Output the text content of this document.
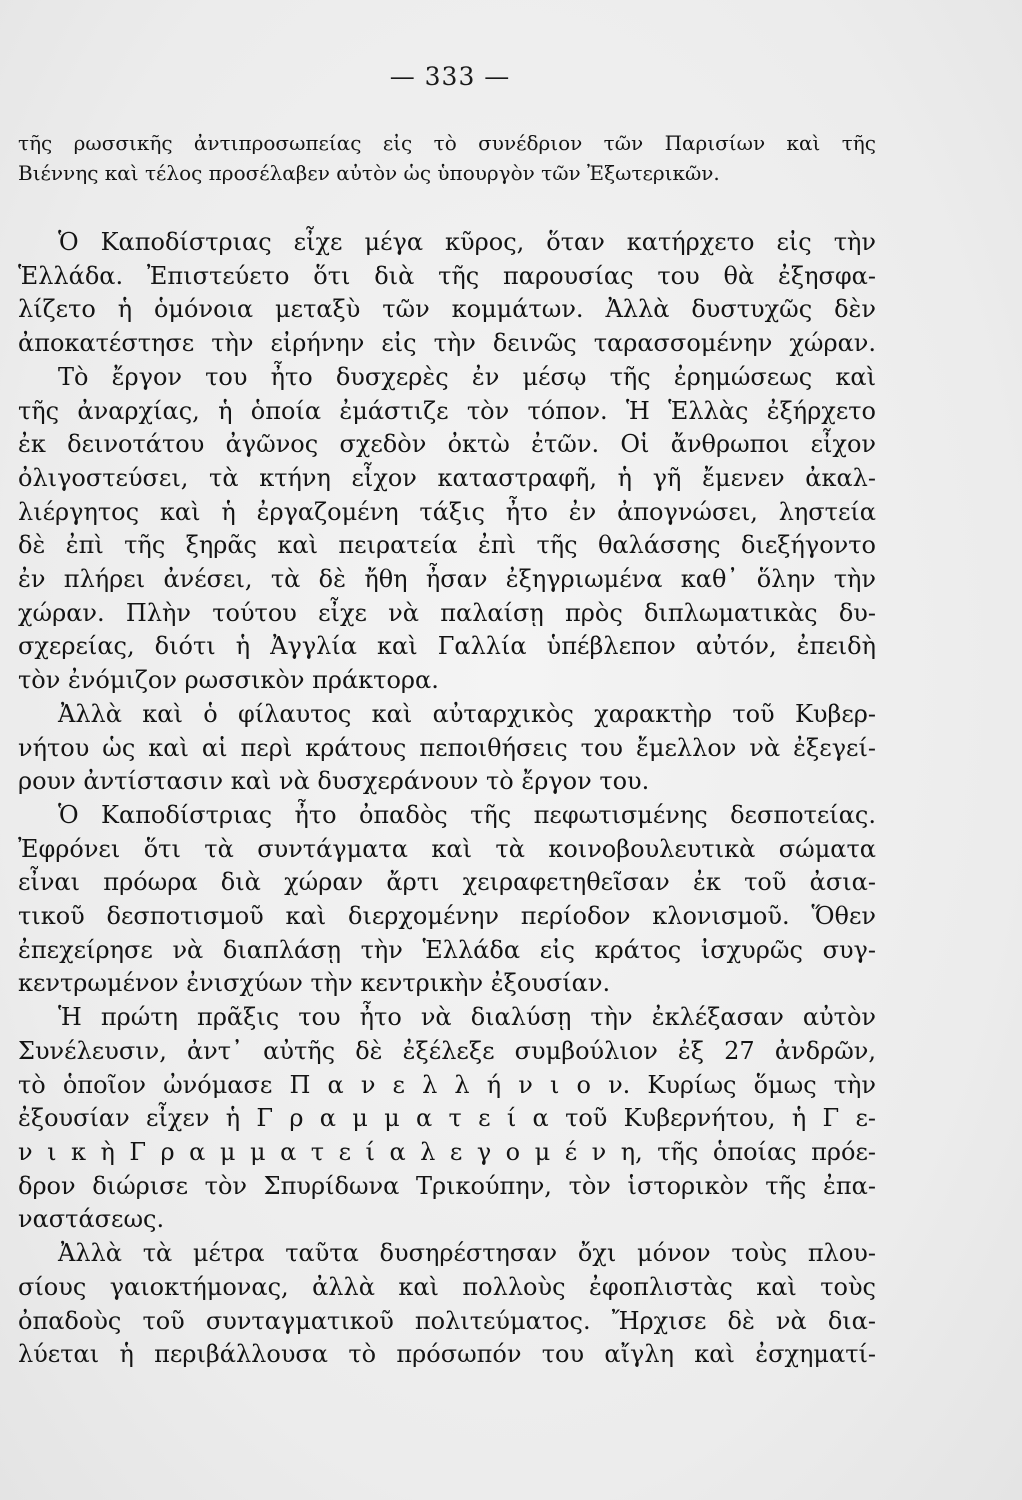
— 333 —
τῆς ρωσσικῆς ἀντιπροσωπείας εἰς τὸ συνέδριον τῶν Παρισίων καὶ τῆς
Βιέννης καὶ τέλος προσέλαβεν αὐτὸν ὡς ὑπουργὸν τῶν Ἐξωτερικῶν.
Ὁ Καποδίστριας εἶχε μέγα κῦρος, ὅταν κατήρχετο εἰς τὴν
Ἑλλάδα. Ἐπιστεύετο ὅτι διὰ τῆς παρουσίας του θὰ ἐξησφα-
λίζετο ἡ ὁμόνοια μεταξὺ τῶν κομμάτων. Ἀλλὰ δυστυχῶς δὲν
ἀποκατέστησε τὴν εἰρήνην εἰς τὴν δεινῶς ταρασσομένην χώραν.
Τὸ ἔργον του ἦτο δυσχερὲς ἐν μέσῳ τῆς ἐρημώσεως καὶ
τῆς ἀναρχίας, ἡ ὁποία ἐμάστιζε τὸν τόπον. Ἡ Ἑλλὰς ἐξήρχετο
ἐκ δεινοτάτου ἀγῶνος σχεδὸν ὀκτὼ ἐτῶν. Οἱ ἄνθρωποι εἶχον
ὀλιγοστεύσει, τὰ κτήνη εἶχον καταστραφῆ, ἡ γῆ ἔμενεν ἀκαλ-
λιέργητος καὶ ἡ ἐργαζομένη τάξις ἦτο ἐν ἀπογνώσει, ληστεία
δὲ ἐπὶ τῆς ξηρᾶς καὶ πειρατεία ἐπὶ τῆς θαλάσσης διεξήγοντο
ἐν πλήρει ἀνέσει, τὰ δὲ ἤθη ἦσαν ἐξηγριωμένα καθ᾿ ὅλην τὴν
χώραν. Πλὴν τούτου εἶχε νὰ παλαίσῃ πρὸς διπλωματικὰς δυ-
σχερείας, διότι ἡ Ἀγγλία καὶ Γαλλία ὑπέβλεπον αὐτόν, ἐπειδὴ
τὸν ἐνόμιζον ρωσσικὸν πράκτορα.
Ἀλλὰ καὶ ὁ φίλαυτος καὶ αὐταρχικὸς χαρακτὴρ τοῦ Κυβερ-
νήτου ὡς καὶ αἱ περὶ κράτους πεποιθήσεις του ἔμελλον νὰ ἐξεγεί-
ρουν ἀντίστασιν καὶ νὰ δυσχεράνουν τὸ ἔργον του.
Ὁ Καποδίστριας ἦτο ὀπαδὸς τῆς πεφωτισμένης δεσποτείας.
Ἐφρόνει ὅτι τὰ συντάγματα καὶ τὰ κοινοβουλευτικὰ σώματα
εἶναι πρόωρα διὰ χώραν ἄρτι χειραφετηθεῖσαν ἐκ τοῦ ἀσια-
τικοῦ δεσποτισμοῦ καὶ διερχομένην περίοδον κλονισμοῦ. Ὅθεν
ἐπεχείρησε νὰ διαπλάσῃ τὴν Ἑλλάδα εἰς κράτος ἰσχυρῶς συγ-
κεντρωμένον ἐνισχύων τὴν κεντρικὴν ἐξουσίαν.
Ἡ πρώτη πρᾶξις του ἦτο νὰ διαλύσῃ τὴν ἐκλέξασαν αὐτὸν
Συνέλευσιν, ἀντ᾿ αὐτῆς δὲ ἐξέλεξε συμβούλιον ἐξ 27 ἀνδρῶν,
τὸ ὁποῖον ὠνόμασε Π α ν ε λ λ ή ν ι ο ν. Κυρίως ὅμως τὴν
ἐξουσίαν εἶχεν ἡ Γ ρ α μ μ α τ ε ί α τοῦ Κυβερνήτου, ἡ Γ ε-
ν ι κ ὴ Γ ρ α μ μ α τ ε ί α λ ε γ ο μ έ ν η, τῆς ὁποίας πρόε-
δρον διώρισε τὸν Σπυρίδωνα Τρικούπην, τὸν ἱστορικὸν τῆς ἐπα-
ναστάσεως.
Ἀλλὰ τὰ μέτρα ταῦτα δυσηρέστησαν ὄχι μόνον τοὺς πλου-
σίους γαιοκτήμονας, ἀλλὰ καὶ πολλοὺς ἐφοπλιστὰς καὶ τοὺς
ὀπαδοὺς τοῦ συνταγματικοῦ πολιτεύματος. Ἤρχισε δὲ νὰ δια-
λύεται ἡ περιβάλλουσα τὸ πρόσωπόν του αἴγλη καὶ ἐσχηματί-
